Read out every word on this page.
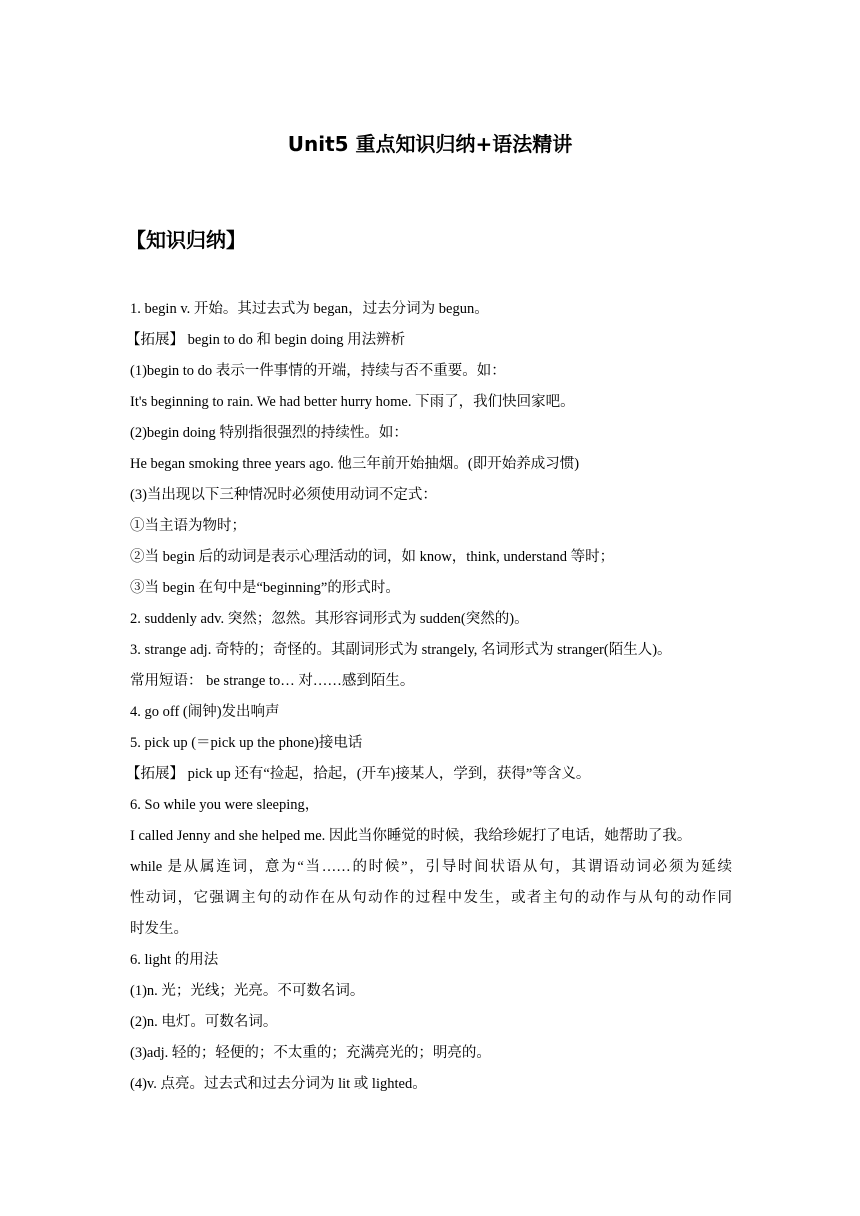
Unit5 重点知识归纳+语法精讲
【知识归纳】
1. begin v. 开始。其过去式为 began，过去分词为 begun。
【拓展】 begin to do 和 begin doing 用法辨析
(1)begin to do 表示一件事情的开端，持续与否不重要。如：
It's beginning to rain. We had better hurry home. 下雨了，我们快回家吧。
(2)begin doing 特别指很强烈的持续性。如：
He began smoking three years ago. 他三年前开始抽烟。(即开始养成习惯)
(3)当出现以下三种情况时必须使用动词不定式：
①当主语为物时；
②当 begin 后的动词是表示心理活动的词，如 know，think, understand 等时；
③当 begin 在句中是“beginning”的形式时。
2. suddenly adv. 突然；忽然。其形容词形式为 sudden(突然的)。
3. strange adj. 奇特的；奇怪的。其副词形式为 strangely, 名词形式为 stranger(陌生人)。
常用短语： be strange to… 对……感到陌生。
4. go off (闹钟)发出响声
5. pick up (＝pick up the phone)接电话
【拓展】 pick up 还有“捡起，拾起，(开车)接某人，学到，获得”等含义。
6. So while you were sleeping，
I called Jenny and she helped me. 因此当你睡觉的时候，我给珍妮打了电话，她帮助了我。
while 是从属连词，意为“当……的时候”，引导时间状语从句，其谓语动词必须为延续
性动词，它强调主句的动作在从句动作的过程中发生，或者主句的动作与从句的动作同
时发生。
6. light 的用法
(1)n. 光；光线；光亮。不可数名词。
(2)n. 电灯。可数名词。
(3)adj. 轻的；轻便的；不太重的；充满亮光的；明亮的。
(4)v. 点亮。过去式和过去分词为 lit 或 lighted。
